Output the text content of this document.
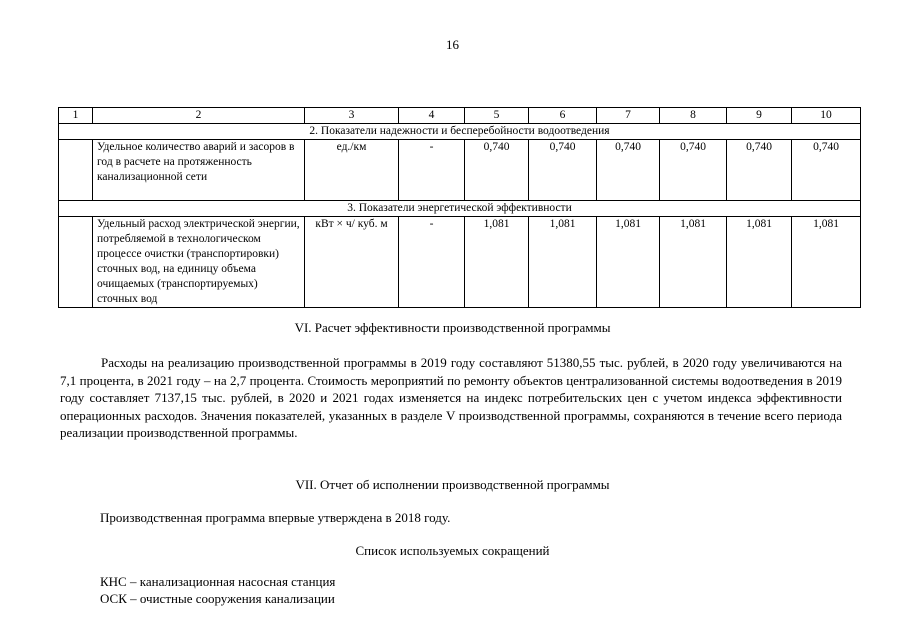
16
1	2	3	4	5	6	7	8	9	10
2. Показатели надежности и бесперебойности водоотведения									
	Удельное количество аварий и засоров в год в расчете на протяженность канализационной сети	ед./км	-	0,740	0,740	0,740	0,740	0,740	0,740
3. Показатели энергетической эффективности									
	Удельный расход электрической энергии, потребляемой в технологическом процессе очистки (транспортировки) сточных вод, на единицу объема очищаемых (транспортируемых) сточных вод	кВт × ч/ куб. м	-	1,081	1,081	1,081	1,081	1,081	1,081
VI. Расчет эффективности производственной программы

Расходы на реализацию производственной программы в 2019 году составляют 51380,55 тыс. рублей, в 2020 году увеличиваются на 7,1 процента, в 2021 году – на 2,7 процента. Стоимость мероприятий по ремонту объектов централизованной системы водоотведения в 2019 году составляет 7137,15 тыс. рублей, в 2020 и 2021 годах изменяется на индекс потребительских цен с учетом индекса эффективности операционных расходов. Значения показателей, указанных в разделе V производственной программы, сохраняются в течение всего периода реализации производственной программы.

VII. Отчет об исполнении производственной программы

Производственная программа впервые утверждена в 2018 году.

Список используемых сокращений

КНС – канализационная насосная станция

ОСК – очистные сооружения канализации
